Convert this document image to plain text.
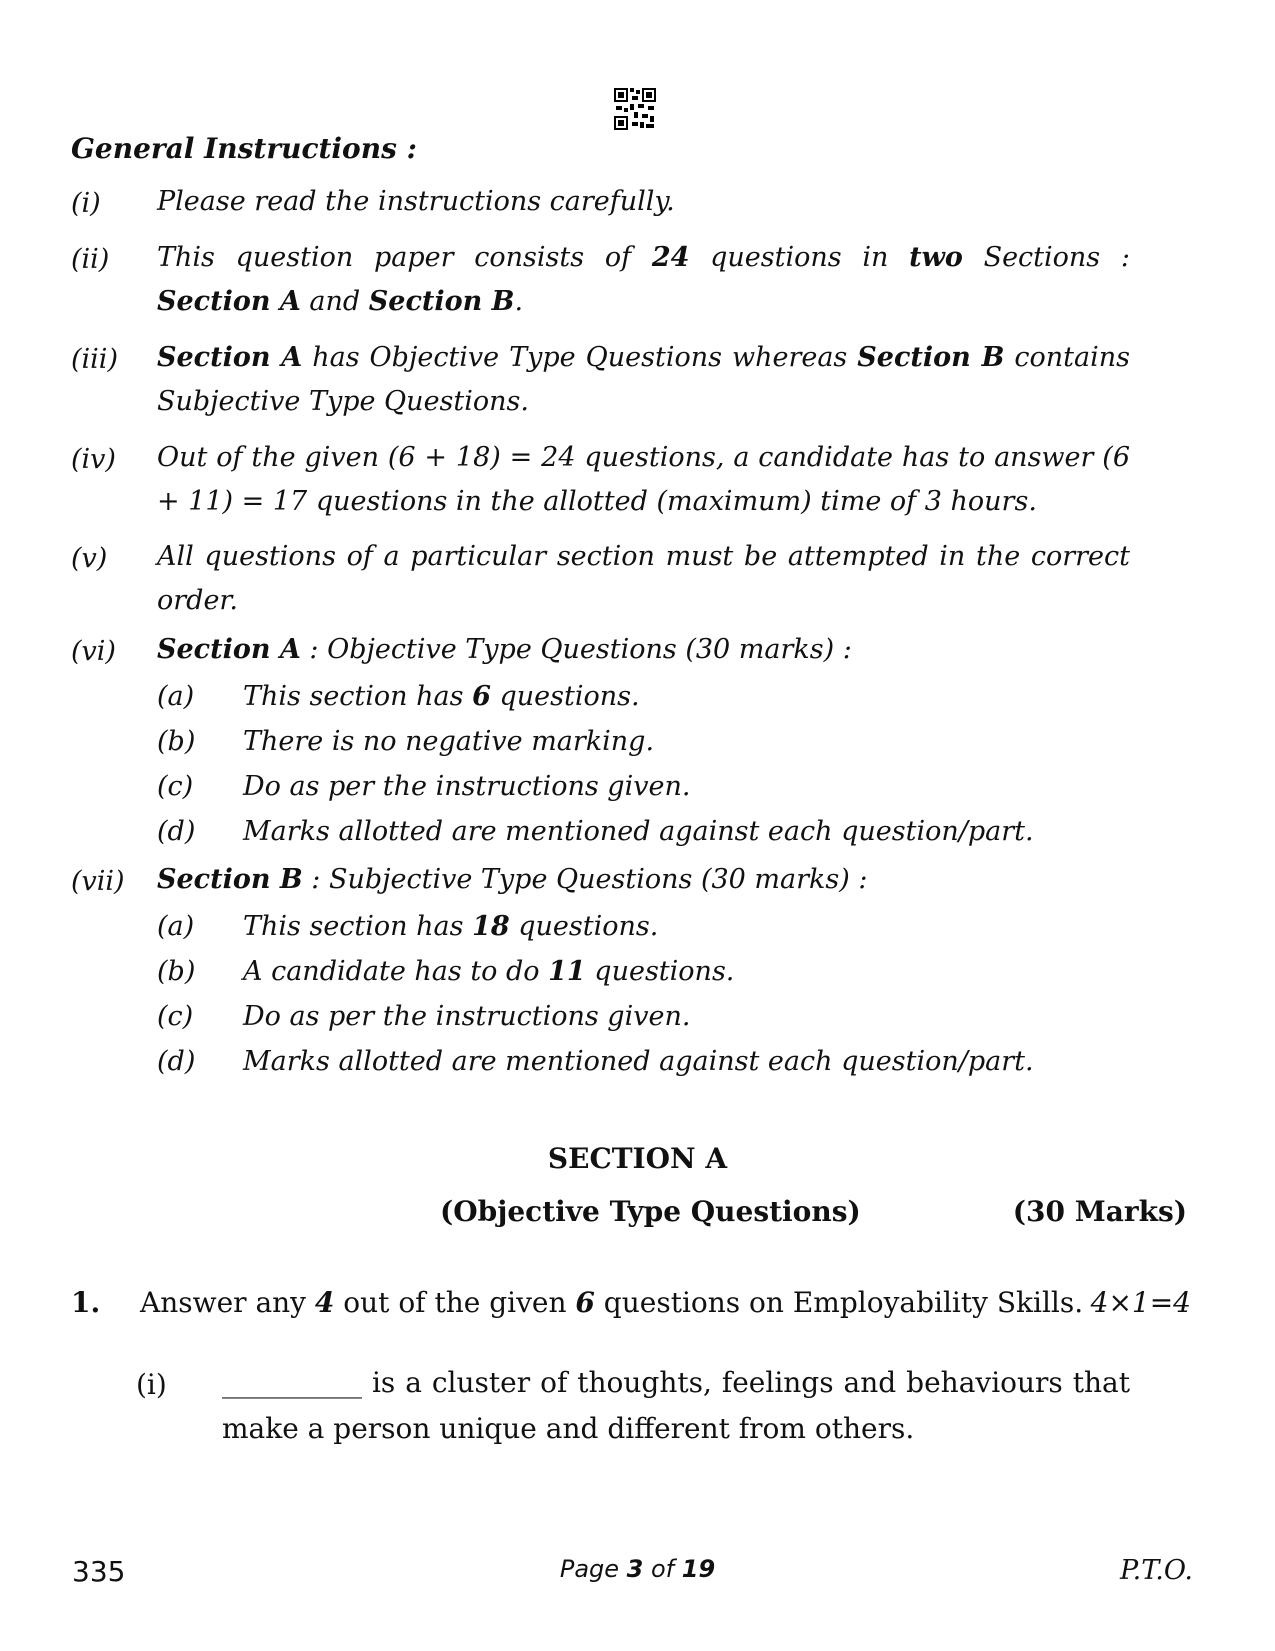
General Instructions :
(i) Please read the instructions carefully.
(ii) This question paper consists of 24 questions in two Sections : Section A and Section B.
(iii) Section A has Objective Type Questions whereas Section B contains Subjective Type Questions.
(iv) Out of the given (6 + 18) = 24 questions, a candidate has to answer (6 + 11) = 17 questions in the allotted (maximum) time of 3 hours.
(v) All questions of a particular section must be attempted in the correct order.
(vi) Section A : Objective Type Questions (30 marks) :
(a) This section has 6 questions.
(b) There is no negative marking.
(c) Do as per the instructions given.
(d) Marks allotted are mentioned against each question/part.
(vii) Section B : Subjective Type Questions (30 marks) :
(a) This section has 18 questions.
(b) A candidate has to do 11 questions.
(c) Do as per the instructions given.
(d) Marks allotted are mentioned against each question/part.
SECTION A
(Objective Type Questions)	(30 Marks)
1. Answer any 4 out of the given 6 questions on Employability Skills. 4×1=4
(i) __________ is a cluster of thoughts, feelings and behaviours that make a person unique and different from others.
335	Page 3 of 19	P.T.O.
